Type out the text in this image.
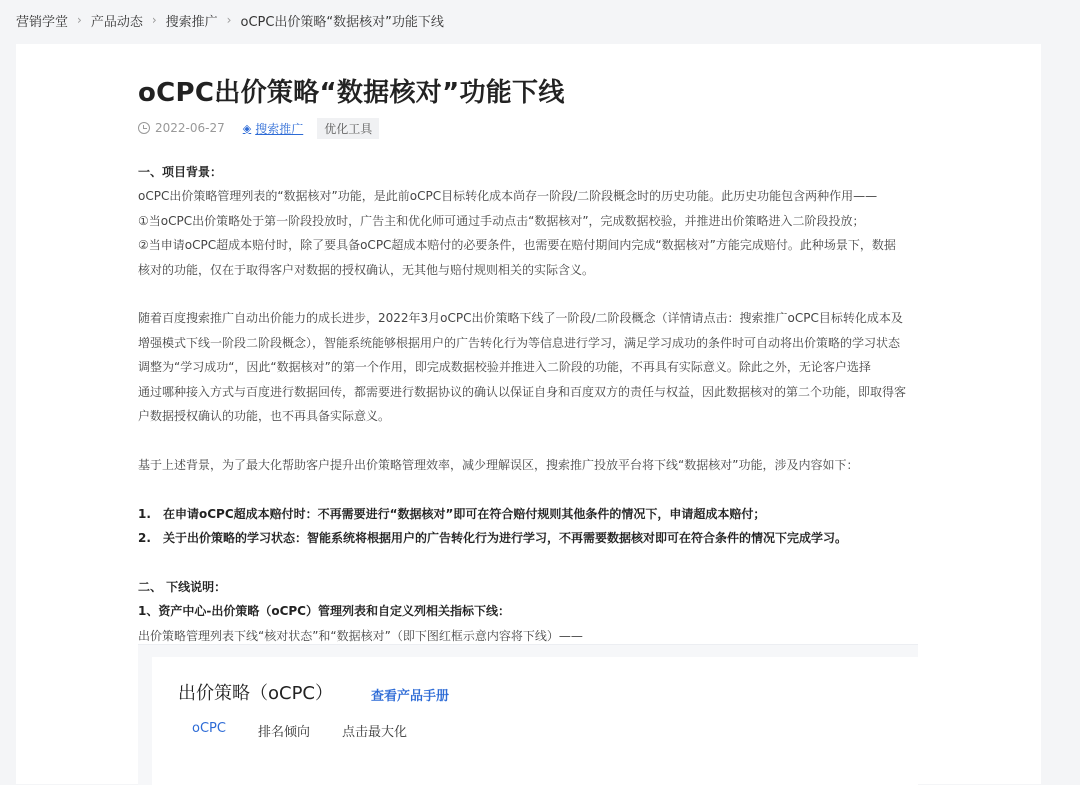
营销学堂 › 产品动态 › 搜索推广 › oCPC出价策略“数据核对”功能下线
oCPC出价策略“数据核对”功能下线
2022-06-27 ◈ 搜索推广	优化工具

一、项目背景：

oCPC出价策略管理列表的“数据核对”功能，是此前oCPC目标转化成本尚存一阶段/二阶段概念时的历史功能。此历史功能包含两种作用——

①当oCPC出价策略处于第一阶段投放时，广告主和优化师可通过手动点击“数据核对”，完成数据校验，并推进出价策略进入二阶段投放；

②当申请oCPC超成本赔付时，除了要具备oCPC超成本赔付的必要条件，也需要在赔付期间内完成“数据核对”方能完成赔付。此种场景下，数据

核对的功能，仅在于取得客户对数据的授权确认，无其他与赔付规则相关的实际含义。

随着百度搜索推广自动出价能力的成长进步，2022年3月oCPC出价策略下线了一阶段/二阶段概念（详情请点击：搜索推广oCPC目标转化成本及

增强模式下线一阶段二阶段概念），智能系统能够根据用户的广告转化行为等信息进行学习，满足学习成功的条件时可自动将出价策略的学习状态

调整为“学习成功“，因此“数据核对”的第一个作用，即完成数据校验并推进入二阶段的功能，不再具有实际意义。除此之外，无论客户选择

通过哪种接入方式与百度进行数据回传，都需要进行数据协议的确认以保证自身和百度双方的责任与权益，因此数据核对的第二个功能，即取得客

户数据授权确认的功能，也不再具备实际意义。

基于上述背景，为了最大化帮助客户提升出价策略管理效率，减少理解误区，搜索推广投放平台将下线“数据核对”功能，涉及内容如下：

1.	在申请oCPC超成本赔付时：不再需要进行“数据核对”即可在符合赔付规则其他条件的情况下，申请超成本赔付；

2.	关于出价策略的学习状态：智能系统将根据用户的广告转化行为进行学习，不再需要数据核对即可在符合条件的情况下完成学习。

二、 下线说明：

1、资产中心-出价策略（oCPC）管理列表和自定义列相关指标下线：

出价策略管理列表下线“核对状态”和“数据核对”（即下图红框示意内容将下线）——

出价策略（oCPC）	查看产品手册
oCPC 排名倾向 点击最大化
